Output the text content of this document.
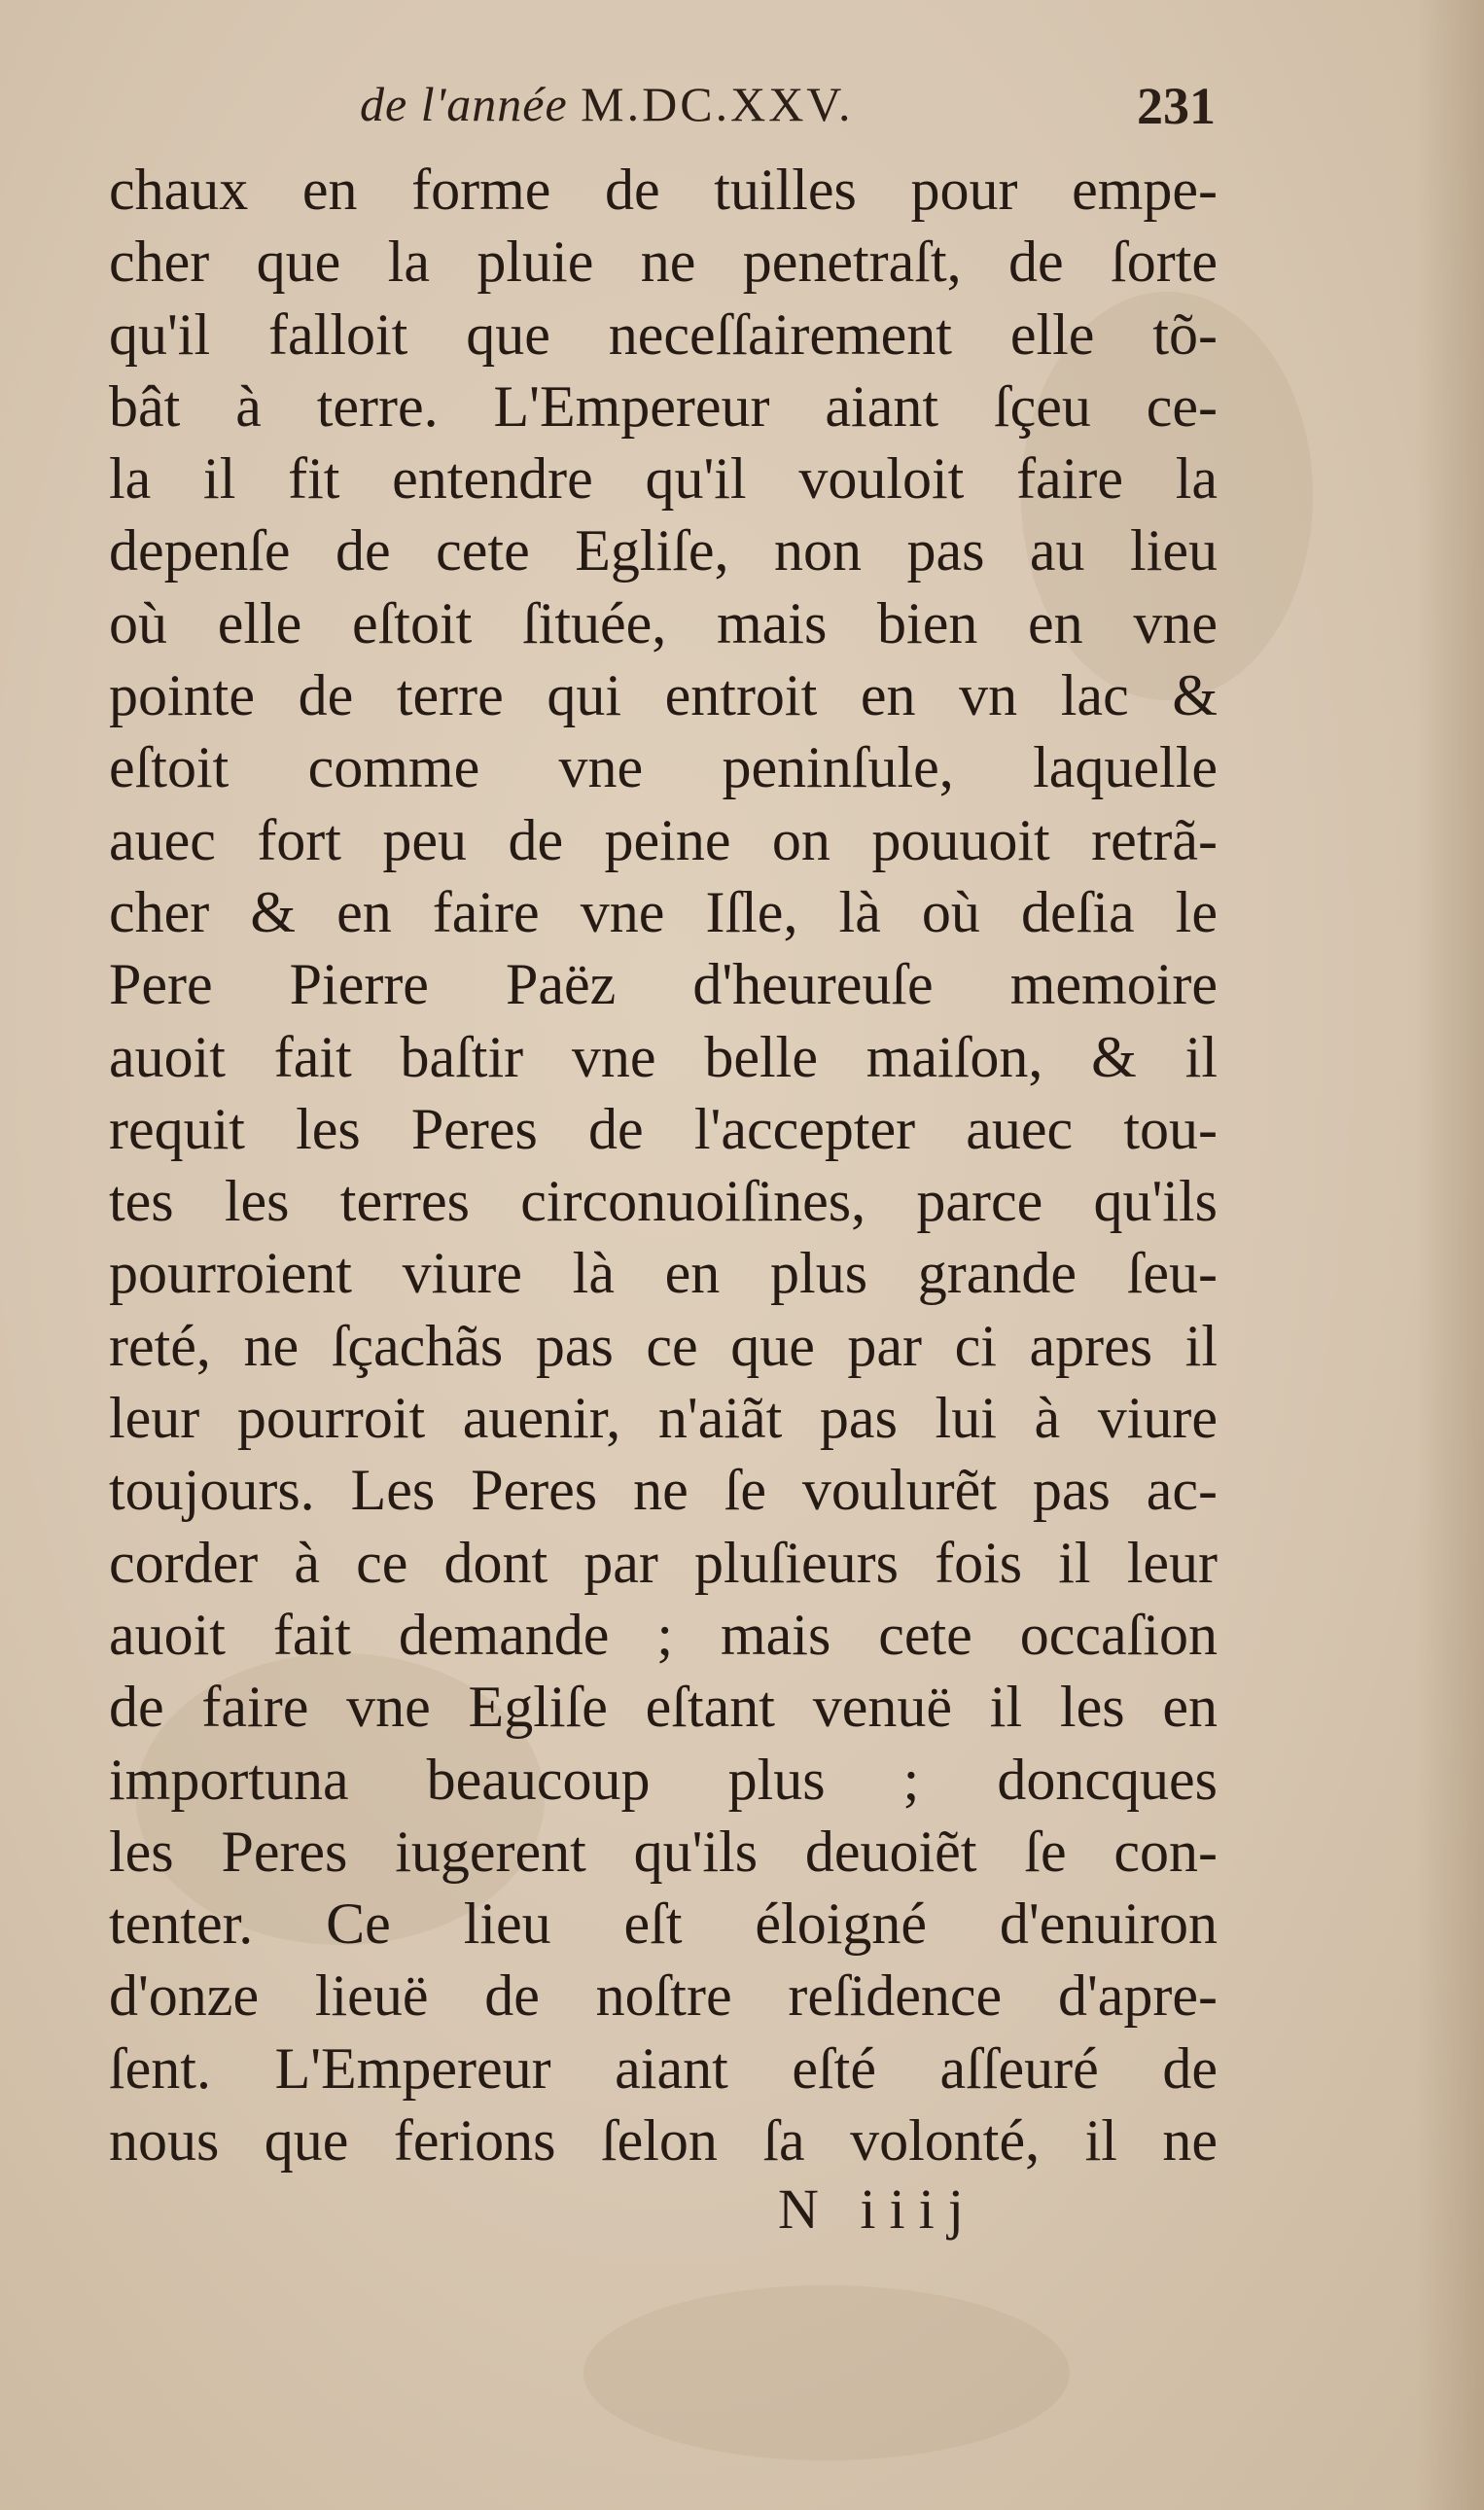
de l'année M.DC.XXV.	231
chaux en forme de tuilles pour empe-
cher que la pluie ne penetraſt, de ſorte
qu'il falloit que neceſſairement elle tõ-
bât à terre. L'Empereur aiant ſçeu ce-
la il fit entendre qu'il vouloit faire la
depenſe de cete Egliſe, non pas au lieu
où elle eſtoit ſituée, mais bien en vne
pointe de terre qui entroit en vn lac &
eſtoit comme vne peninſule, laquelle
auec fort peu de peine on pouuoit retrã-
cher & en faire vne Iſle, là où deſia le
Pere Pierre Paëz d'heureuſe memoire
auoit fait baſtir vne belle maiſon, & il
requit les Peres de l'accepter auec tou-
tes les terres circonuoiſines, parce qu'ils
pourroient viure là en plus grande ſeu-
reté, ne ſçachãs pas ce que par ci apres il
leur pourroit auenir, n'aiãt pas lui à viure
toujours. Les Peres ne ſe voulurẽt pas ac-
corder à ce dont par pluſieurs fois il leur
auoit fait demande ; mais cete occaſion
de faire vne Egliſe eſtant venuë il les en
importuna beaucoup plus ; doncques
les Peres iugerent qu'ils deuoiẽt ſe con-
tenter. Ce lieu eſt éloigné d'enuiron
d'onze lieuë de noſtre reſidence d'apre-
ſent. L'Empereur aiant eſté aſſeuré de
nous que ferions ſelon ſa volonté, il ne
N iiij
